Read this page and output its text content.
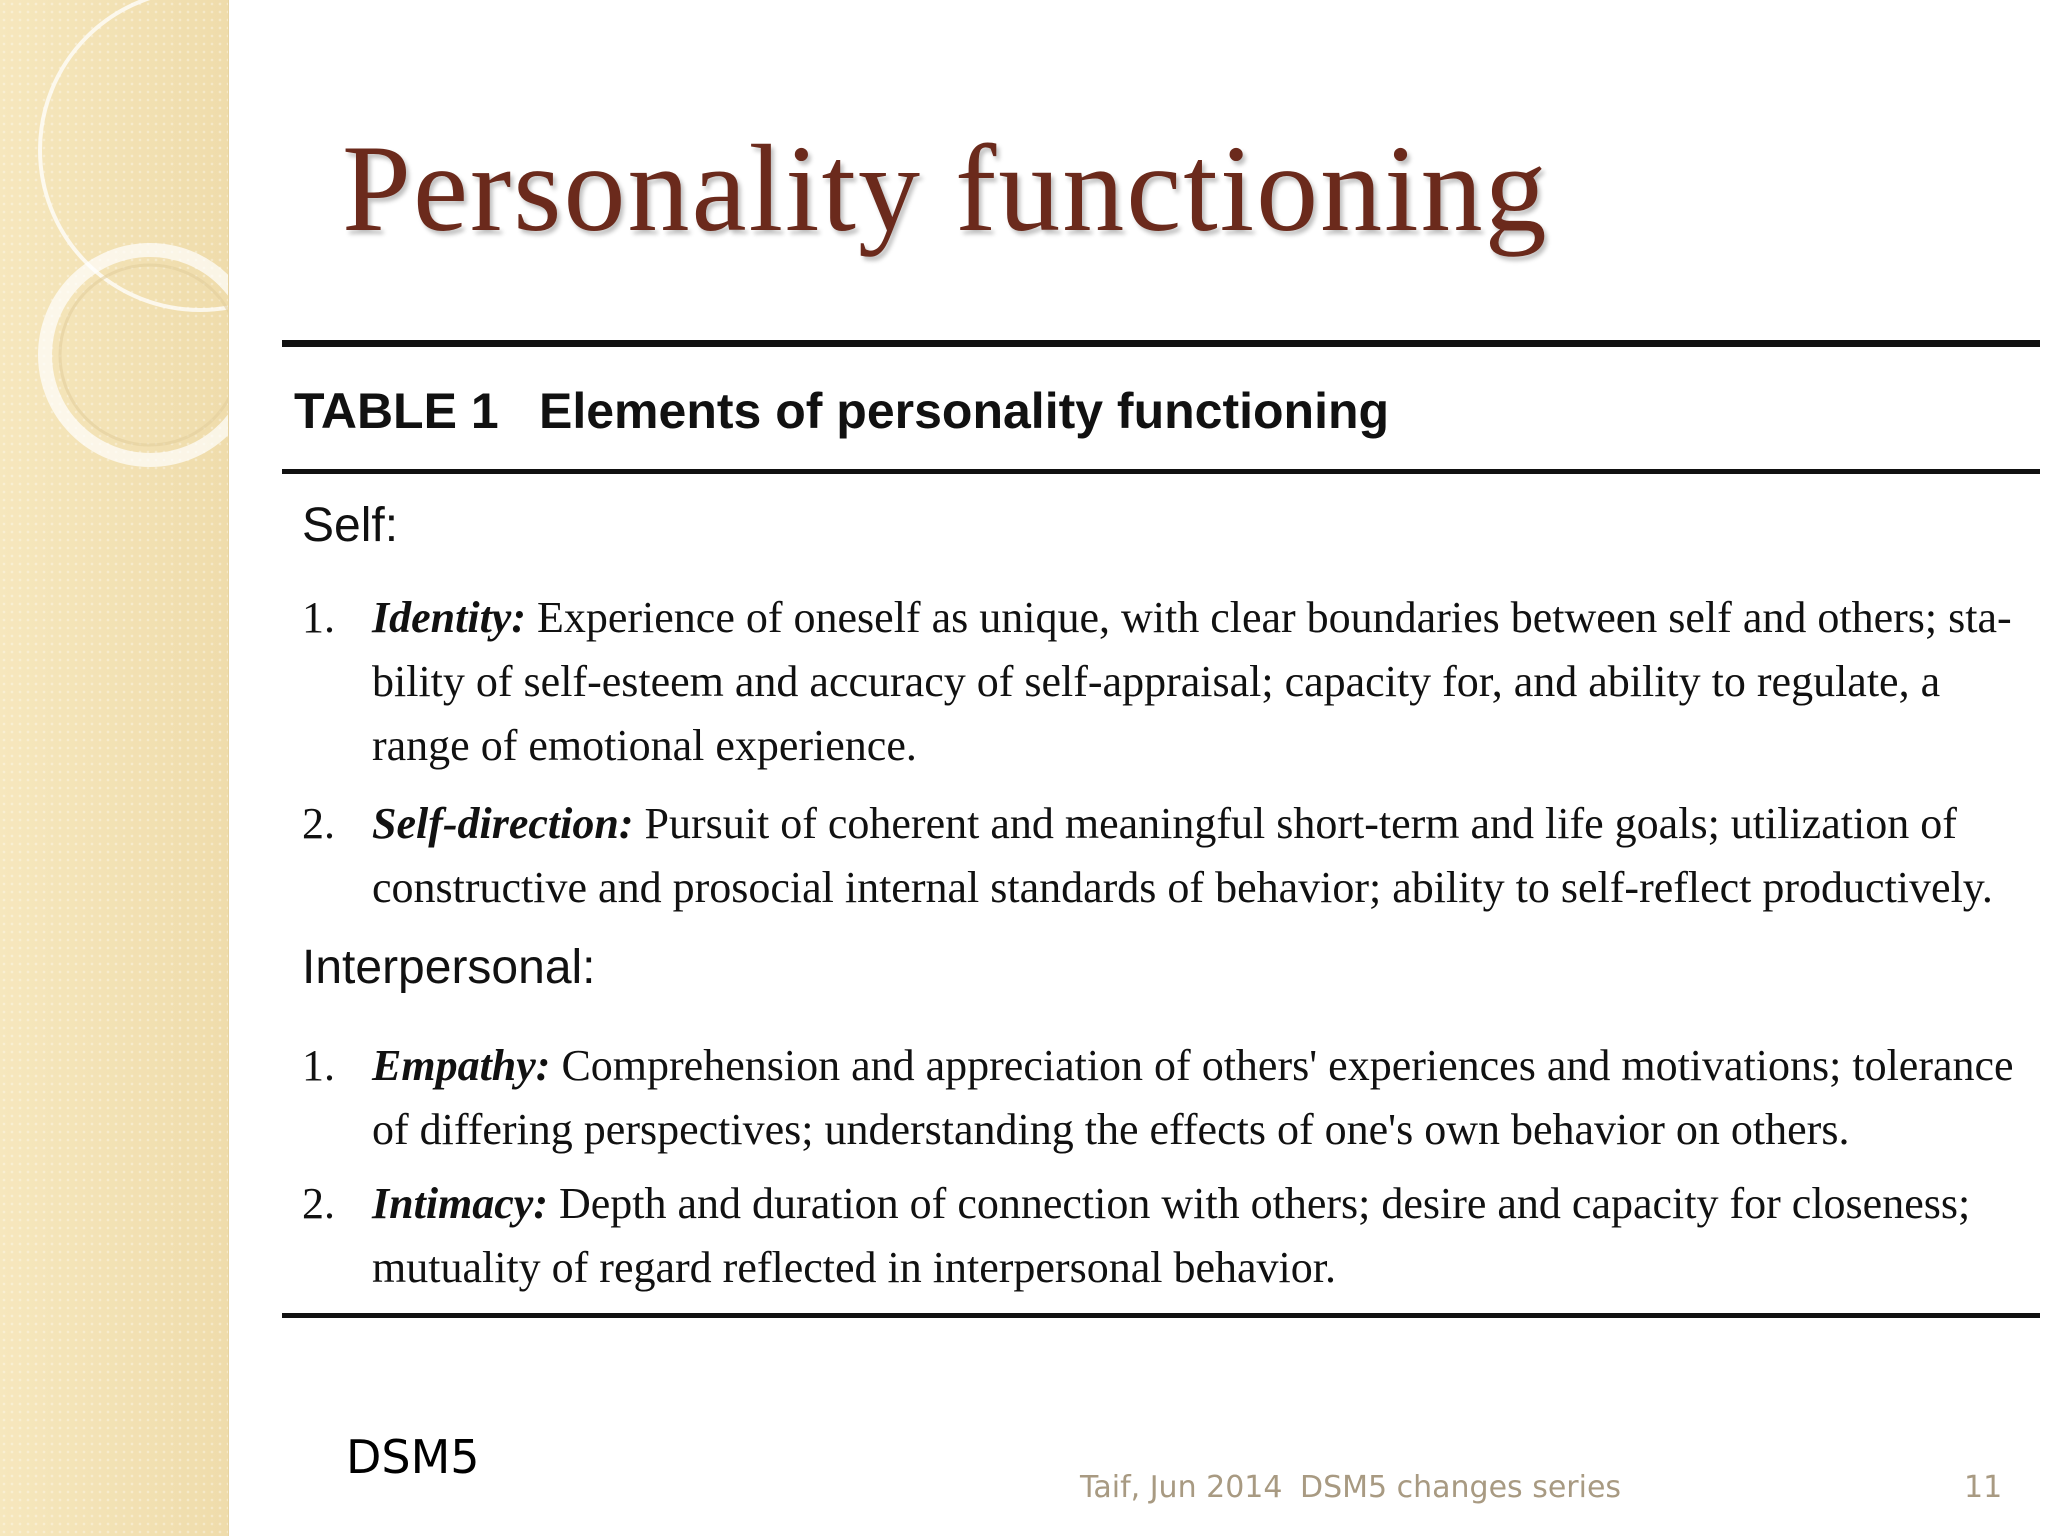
Personality functioning
TABLE 1 Elements of personality functioning
Self:
1. Identity: Experience of oneself as unique, with clear boundaries between self and others; sta-bility of self-esteem and accuracy of self-appraisal; capacity for, and ability to regulate, a range of emotional experience.
2. Self-direction: Pursuit of coherent and meaningful short-term and life goals; utilization of constructive and prosocial internal standards of behavior; ability to self-reflect productively.
Interpersonal:
1. Empathy: Comprehension and appreciation of others' experiences and motivations; tolerance of differing perspectives; understanding the effects of one's own behavior on others.
2. Intimacy: Depth and duration of connection with others; desire and capacity for closeness; mutuality of regard reflected in interpersonal behavior.
DSM5
Taif, Jun 2014 DSM5 changes series	11
